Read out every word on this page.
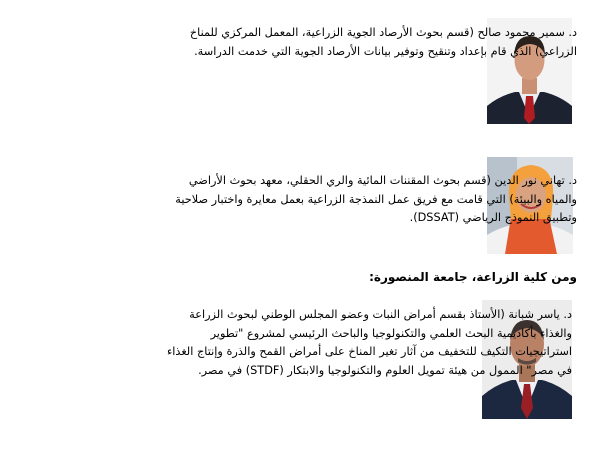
د. سمير محمود صالح (قسم بحوث الأرصاد الجوية الزراعية، المعمل المركزي للمناخ
الزراعي) الذي قام بإعداد وتنقيح وتوفير بيانات الأرصاد الجوية التي خدمت الدراسة.
د. تهاني نور الدين (قسم بحوث المقننات المائية والري الحقلي، معهد بحوث الأراضي
والمياه والبيئة) التي قامت مع فريق عمل النمذجة الزراعية بعمل معايرة واختبار صلاحية
وتطبيق النموذج الرياضي (DSSAT).
ومن كلية الزراعة، جامعة المنصورة:
د. ياسر شبانة (الأستاذ بقسم أمراض النبات وعضو المجلس الوطني لبحوث الزراعة
والغذاء بأكاديمية البحث العلمي والتكنولوجيا والباحث الرئيسي لمشروع "تطوير
استراتيجيات التكيف للتخفيف من آثار تغير المناخ على أمراض القمح والذرة وإنتاج الغذاء
في مصر" الممول من هيئة تمويل العلوم والتكنولوجيا والابتكار (STDF) في مصر.
